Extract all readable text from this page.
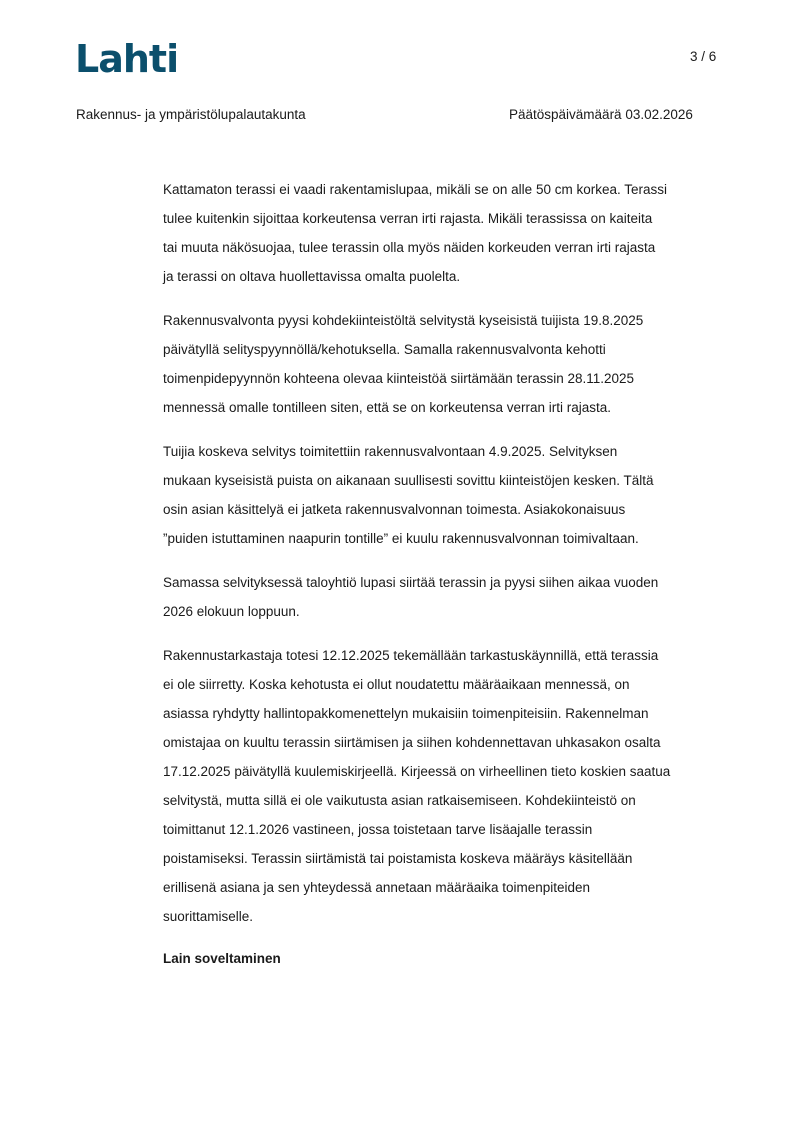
Lahti	3 / 6
Rakennus- ja ympäristölupalautakunta	Päätöspäivämäärä 03.02.2026
Kattamaton terassi ei vaadi rakentamislupaa, mikäli se on alle 50 cm korkea. Terassi
tulee kuitenkin sijoittaa korkeutensa verran irti rajasta. Mikäli terassissa on kaiteita
tai muuta näkösuojaa, tulee terassin olla myös näiden korkeuden verran irti rajasta
ja terassi on oltava huollettavissa omalta puolelta.
Rakennusvalvonta pyysi kohdekiinteistöltä selvitystä kyseisistä tuijista 19.8.2025
päivätyllä selityspyynnöllä/kehotuksella. Samalla rakennusvalvonta kehotti
toimenpidepyynnön kohteena olevaa kiinteistöä siirtämään terassin 28.11.2025
mennessä omalle tontilleen siten, että se on korkeutensa verran irti rajasta.
Tuijia koskeva selvitys toimitettiin rakennusvalvontaan 4.9.2025. Selvityksen
mukaan kyseisistä puista on aikanaan suullisesti sovittu kiinteistöjen kesken. Tältä
osin asian käsittelyä ei jatketa rakennusvalvonnan toimesta. Asiakokonaisuus
”puiden istuttaminen naapurin tontille” ei kuulu rakennusvalvonnan toimivaltaan.
Samassa selvityksessä taloyhtiö lupasi siirtää terassin ja pyysi siihen aikaa vuoden
2026 elokuun loppuun.
Rakennustarkastaja totesi 12.12.2025 tekemällään tarkastuskäynnillä, että terassia
ei ole siirretty. Koska kehotusta ei ollut noudatettu määräaikaan mennessä, on
asiassa ryhdytty hallintopakkomenettelyn mukaisiin toimenpiteisiin. Rakennelman
omistajaa on kuultu terassin siirtämisen ja siihen kohdennettavan uhkasakon osalta
17.12.2025 päivätyllä kuulemiskirjeellä. Kirjeessä on virheellinen tieto koskien saatua
selvitystä, mutta sillä ei ole vaikutusta asian ratkaisemiseen. Kohdekiinteistö on
toimittanut 12.1.2026 vastineen, jossa toistetaan tarve lisäajalle terassin
poistamiseksi. Terassin siirtämistä tai poistamista koskeva määräys käsitellään
erillisenä asiana ja sen yhteydessä annetaan määräaika toimenpiteiden
suorittamiselle.
Lain soveltaminen
